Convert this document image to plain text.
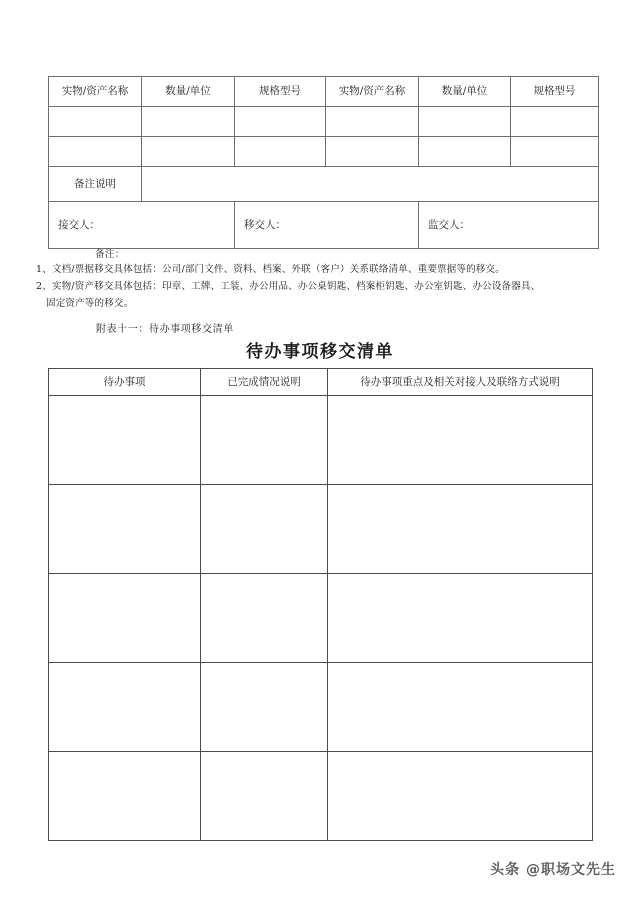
实物/资产名称	数量/单位	规格型号	实物/资产名称	数量/单位	规格型号

备注说明					
接交人：		移交人：		监交人：	
备注：
1、文档/票据移交具体包括：公司/部门文件、资料、档案、外联（客户）关系联络清单、重要票据等的移交。
2、实物/资产移交具体包括：印章、工牌、工装、办公用品、办公桌钥匙、档案柜钥匙、办公室钥匙、办公设备器具、
固定资产等的移交。
附表十一：待办事项移交清单
待办事项移交清单
待办事项	已完成情况说明	待办事项重点及相关对接人及联络方式说明

头条 @职场文先生
